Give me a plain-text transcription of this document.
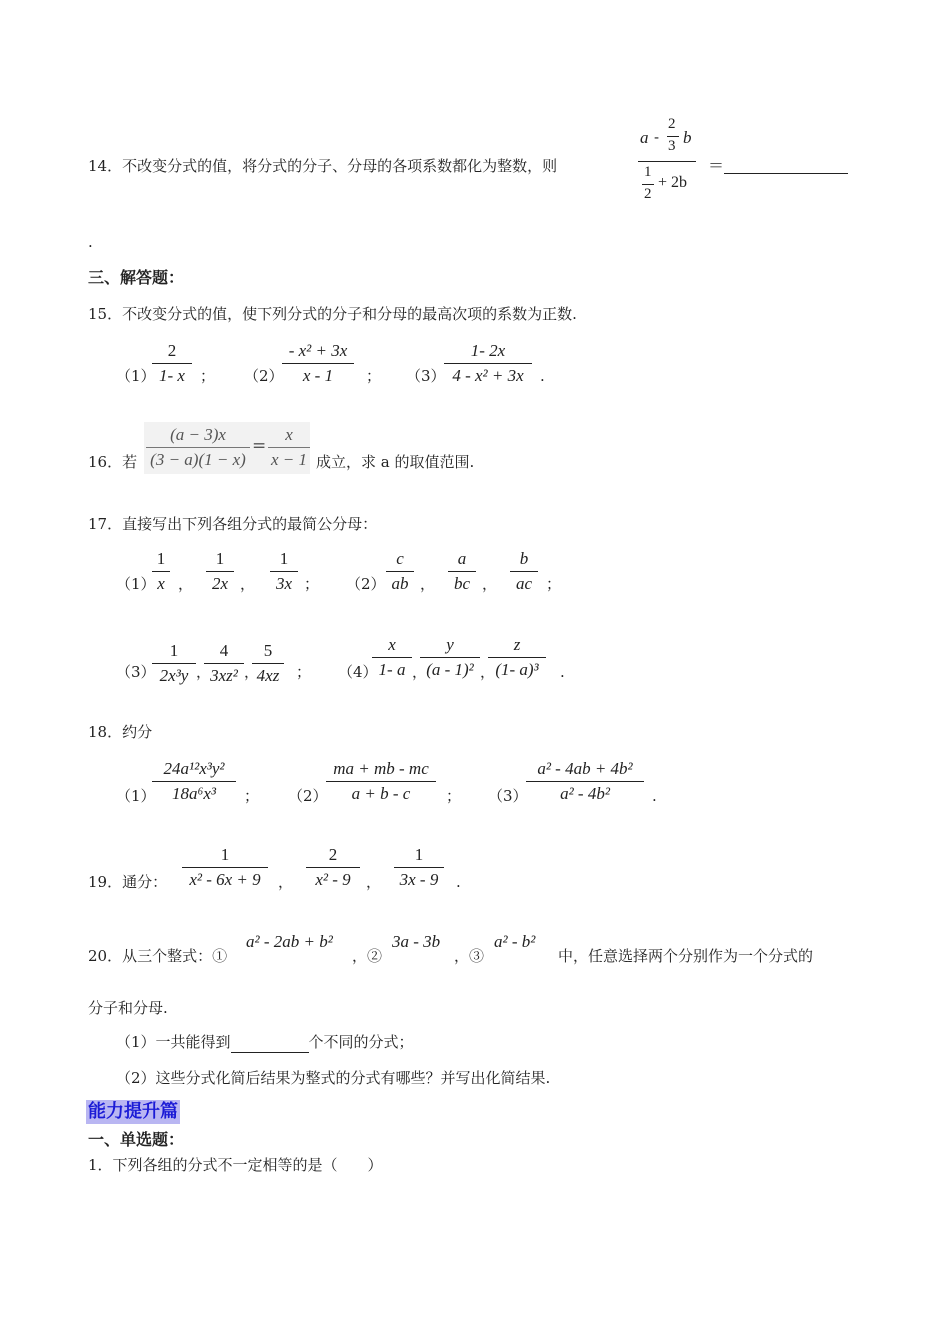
14．不改变分式的值，将分式的分子、分母的各项系数都化为整数，则
a -
2
3 b
1
2
+ 2b
＝
.
三、解答题：
15．不改变分式的值，使下列分式的分子和分母的最高次项的系数为正数.
（1）
2
1- x	； （2）
- x² + 3x
x - 1	； （3）
1- 2x
4 - x² + 3x	.
16．若
(a − 3)x
(3 − a)(1 − x)
=
x
x − 1 成立，求 a 的取值范围.
17．直接写出下列各组分式的最简公分母：
（1）
1
x ，
1
2x ，
1
3x ； （2）
c
ab ，
a
bc ，
b
ac ；
（3）
1
2x³y ，
4
3xz² ，
5
4xz	； （4）
x
1- a ，
y
(a - 1)² ，
z
(1- a)³	.
18．约分
（1）
24a¹²x³y²
18a⁶x³	； （2）
ma + mb - mc
a + b - c	； （3）
a² - 4ab + 4b²
a² - 4b²	.
19．通分：
1
x² - 6x + 9	，
2
x² - 9	，
1
3x - 9	.
20．从三个整式：①
a² - 2ab + b²
，②
3a - 3b
，③
a² - b²
中，任意选择两个分别作为一个分式的
分子和分母.
（1）一共能得到	个不同的分式；
（2）这些分式化简后结果为整式的分式有哪些？并写出化简结果.
能力提升篇
一、单选题：
1．下列各组的分式不一定相等的是（　　）
